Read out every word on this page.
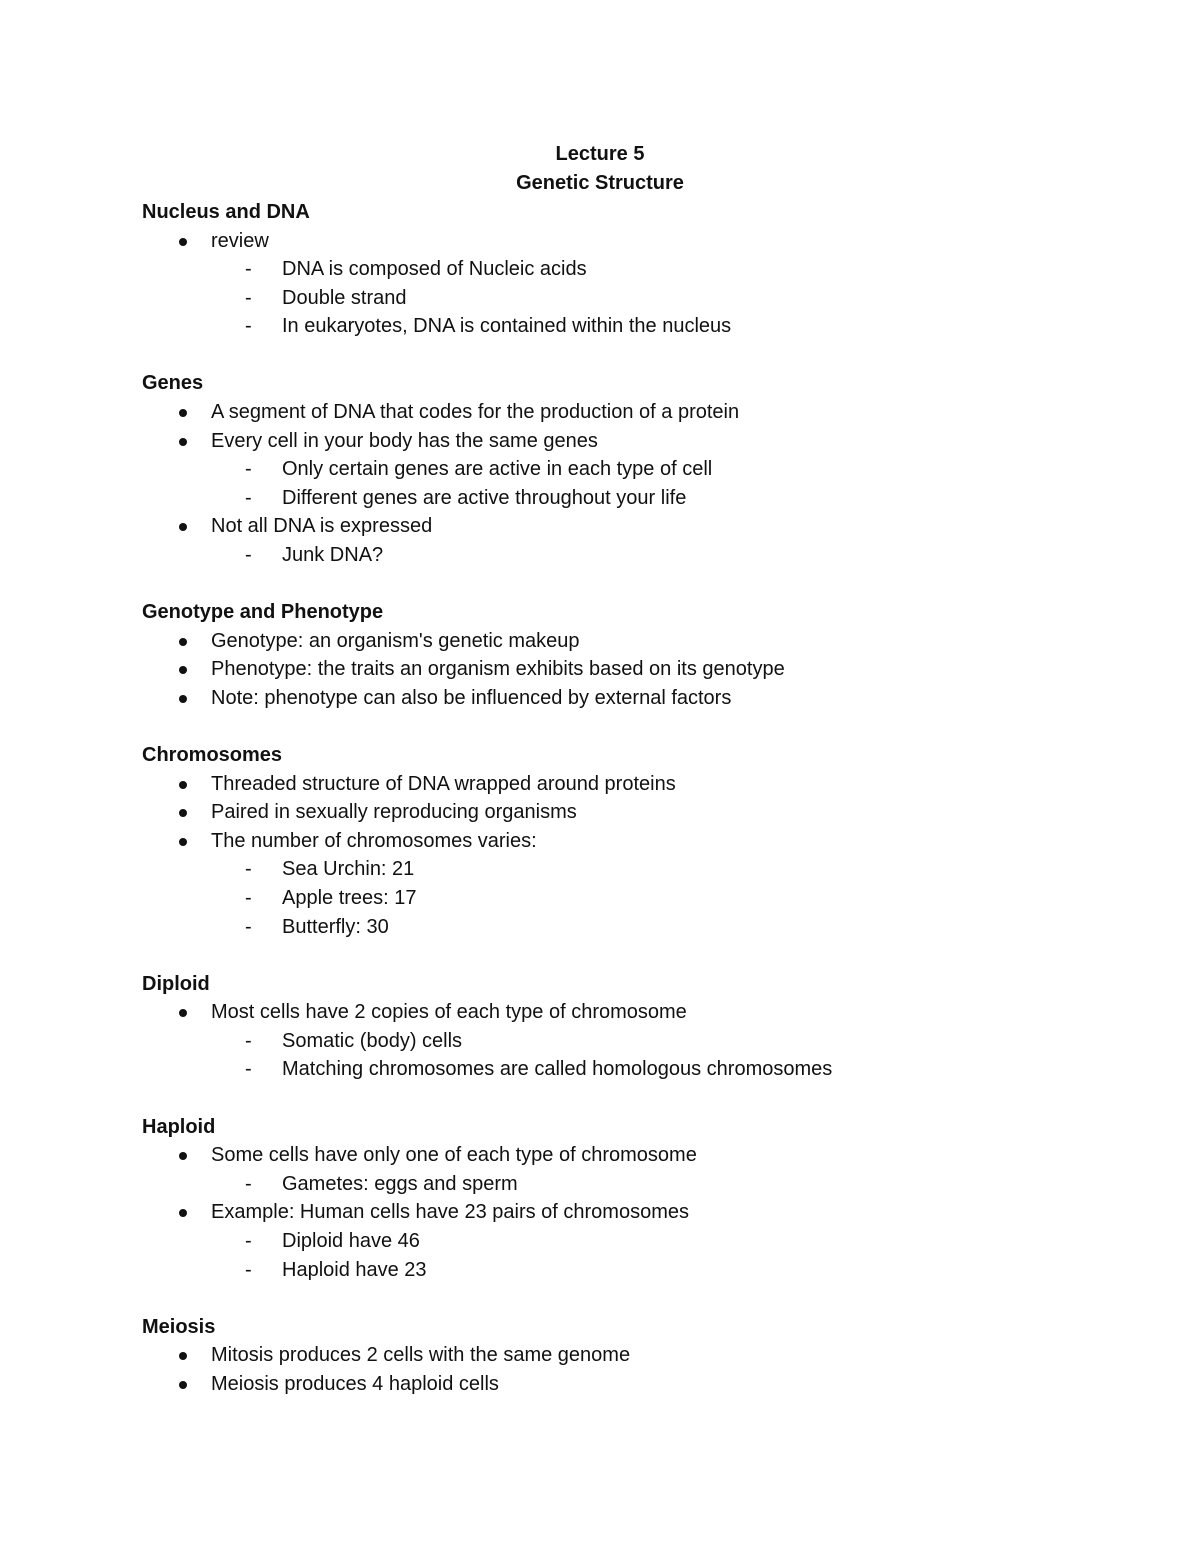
Lecture 5
Genetic Structure
Nucleus and DNA
review
- DNA is composed of Nucleic acids
- Double strand
- In eukaryotes, DNA is contained within the nucleus
Genes
A segment of DNA that codes for the production of a protein
Every cell in your body has the same genes
- Only certain genes are active in each type of cell
- Different genes are active throughout your life
Not all DNA is expressed
- Junk DNA?
Genotype and Phenotype
Genotype: an organism's genetic makeup
Phenotype: the traits an organism exhibits based on its genotype
Note: phenotype can also be influenced by external factors
Chromosomes
Threaded structure of DNA wrapped around proteins
Paired in sexually reproducing organisms
The number of chromosomes varies:
- Sea Urchin: 21
- Apple trees: 17
- Butterfly: 30
Diploid
Most cells have 2 copies of each type of chromosome
- Somatic (body) cells
- Matching chromosomes are called homologous chromosomes
Haploid
Some cells have only one of each type of chromosome
- Gametes: eggs and sperm
Example: Human cells have 23 pairs of chromosomes
- Diploid have 46
- Haploid have 23
Meiosis
Mitosis produces 2 cells with the same genome
Meiosis produces 4 haploid cells
